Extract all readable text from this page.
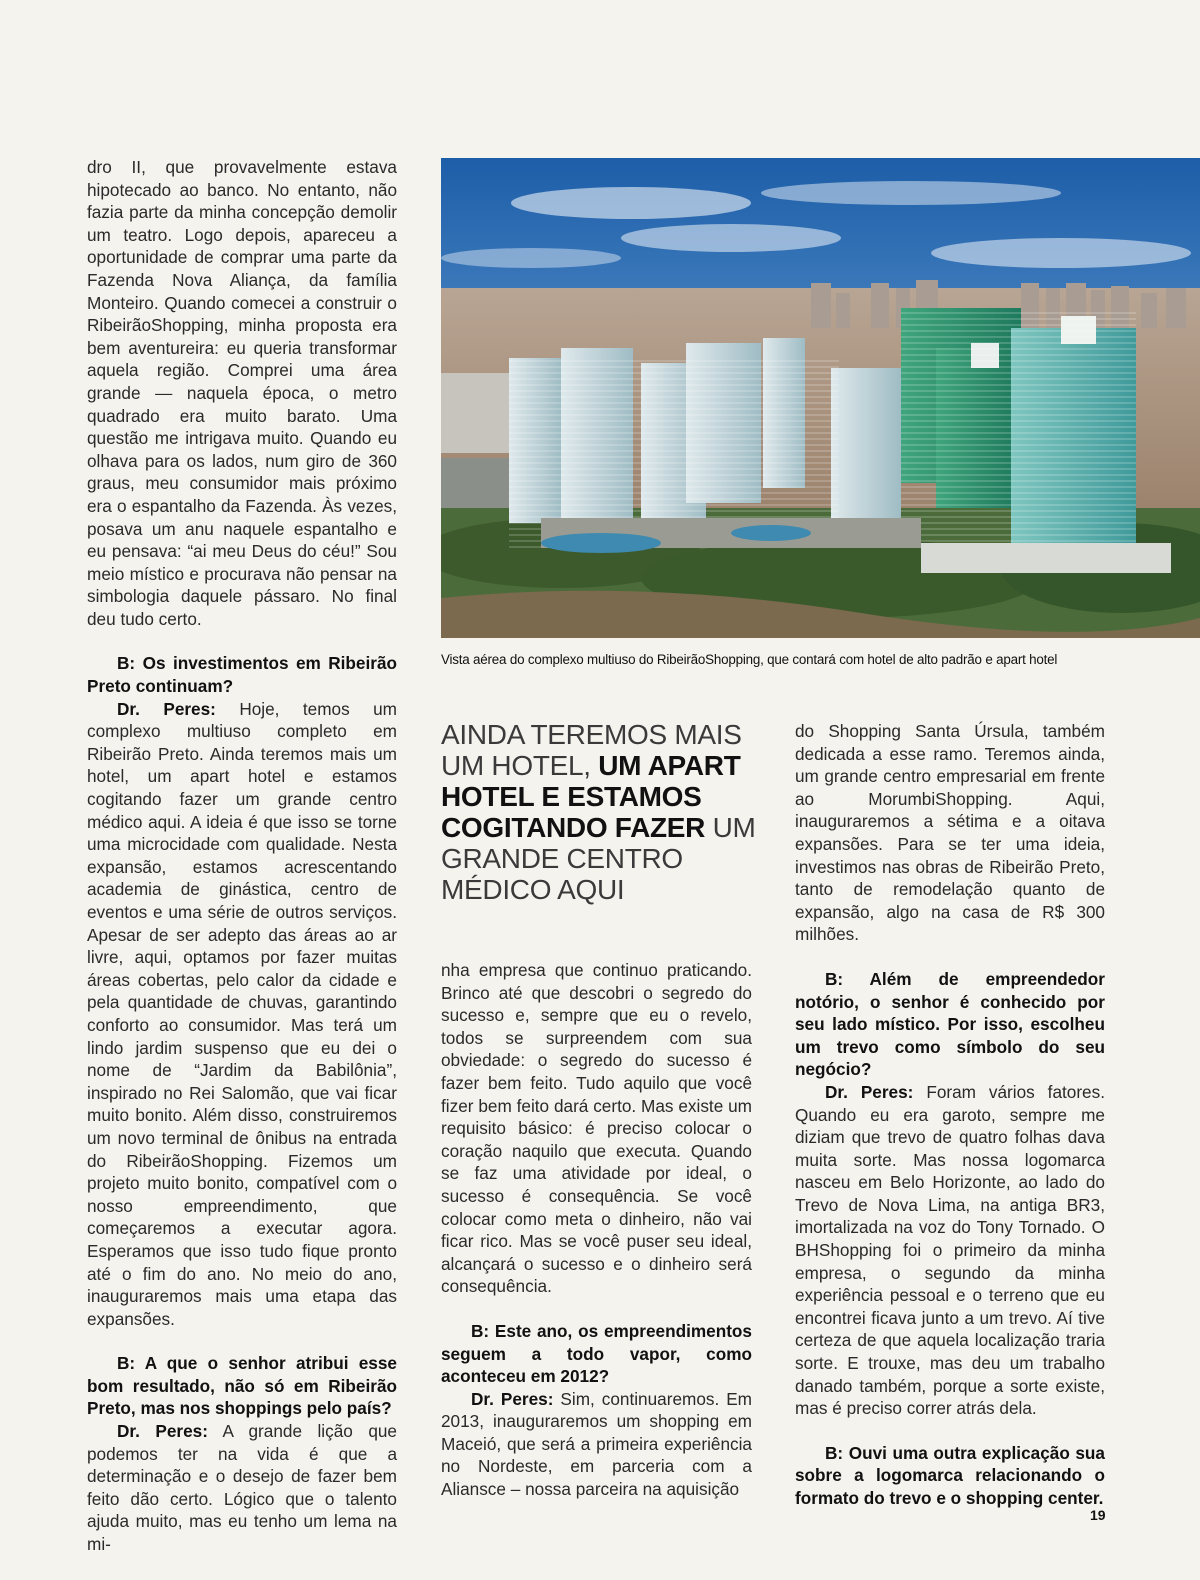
dro II, que provavelmente estava hipotecado ao banco. No entanto, não fazia parte da minha concepção demolir um teatro. Logo depois, apareceu a oportunidade de comprar uma parte da Fazenda Nova Aliança, da família Monteiro. Quando comecei a construir o RibeirãoShopping, minha proposta era bem aventureira: eu queria transformar aquela região. Comprei uma área grande — naquela época, o metro quadrado era muito barato. Uma questão me intrigava muito. Quando eu olhava para os lados, num giro de 360 graus, meu consumidor mais próximo era o espantalho da Fazenda. Às vezes, posava um anu naquele espantalho e eu pensava: “ai meu Deus do céu!” Sou meio místico e procurava não pensar na simbologia daquele pássaro. No final deu tudo certo.

B: Os investimentos em Ribeirão Preto continuam?

Dr. Peres: Hoje, temos um complexo multiuso completo em Ribeirão Preto. Ainda teremos mais um hotel, um apart hotel e estamos cogitando fazer um grande centro médico aqui. A ideia é que isso se torne uma microcidade com qualidade. Nesta expansão, estamos acrescentando academia de ginástica, centro de eventos e uma série de outros serviços. Apesar de ser adepto das áreas ao ar livre, aqui, optamos por fazer muitas áreas cobertas, pelo calor da cidade e pela quantidade de chuvas, garantindo conforto ao consumidor. Mas terá um lindo jardim suspenso que eu dei o nome de “Jardim da Babilônia”, inspirado no Rei Salomão, que vai ficar muito bonito. Além disso, construiremos um novo terminal de ônibus na entrada do RibeirãoShopping. Fizemos um projeto muito bonito, compatível com o nosso empreendimento, que começaremos a executar agora. Esperamos que isso tudo fique pronto até o fim do ano. No meio do ano, inauguraremos mais uma etapa das expansões.

B: A que o senhor atribui esse bom resultado, não só em Ribeirão Preto, mas nos shoppings pelo país?

Dr. Peres: A grande lição que podemos ter na vida é que a determinação e o desejo de fazer bem feito dão certo. Lógico que o talento ajuda muito, mas eu tenho um lema na mi-

Vista aérea do complexo multiuso do RibeirãoShopping, que contará com hotel de alto padrão e apart hotel
AINDA TEREMOS MAIS UM HOTEL, UM APART HOTEL E ESTAMOS COGITANDO FAZER UM GRANDE CENTRO MÉDICO AQUI

nha empresa que continuo praticando. Brinco até que descobri o segredo do sucesso e, sempre que eu o revelo, todos se surpreendem com sua obviedade: o segredo do sucesso é fazer bem feito. Tudo aquilo que você fizer bem feito dará certo. Mas existe um requisito básico: é preciso colocar o coração naquilo que executa. Quando se faz uma atividade por ideal, o sucesso é consequência. Se você colocar como meta o dinheiro, não vai ficar rico. Mas se você puser seu ideal, alcançará o sucesso e o dinheiro será consequência.

B: Este ano, os empreendimentos seguem a todo vapor, como aconteceu em 2012?

Dr. Peres: Sim, continuaremos. Em 2013, inauguraremos um shopping em Maceió, que será a primeira experiência no Nordeste, em parceria com a Aliansce – nossa parceira na aquisição

do Shopping Santa Úrsula, também dedicada a esse ramo. Teremos ainda, um grande centro empresarial em frente ao MorumbiShopping. Aqui, inauguraremos a sétima e a oitava expansões. Para se ter uma ideia, investimos nas obras de Ribeirão Preto, tanto de remodelação quanto de expansão, algo na casa de R$ 300 milhões.

B: Além de empreendedor notório, o senhor é conhecido por seu lado místico. Por isso, escolheu um trevo como símbolo do seu negócio?

Dr. Peres: Foram vários fatores. Quando eu era garoto, sempre me diziam que trevo de quatro folhas dava muita sorte. Mas nossa logomarca nasceu em Belo Horizonte, ao lado do Trevo de Nova Lima, na antiga BR3, imortalizada na voz do Tony Tornado. O BHShopping foi o primeiro da minha empresa, o segundo da minha experiência pessoal e o terreno que eu encontrei ficava junto a um trevo. Aí tive certeza de que aquela localização traria sorte. E trouxe, mas deu um trabalho danado também, porque a sorte existe, mas é preciso correr atrás dela.

B: Ouvi uma outra explicação sua sobre a logomarca relacionando o formato do trevo e o shopping center.

19
